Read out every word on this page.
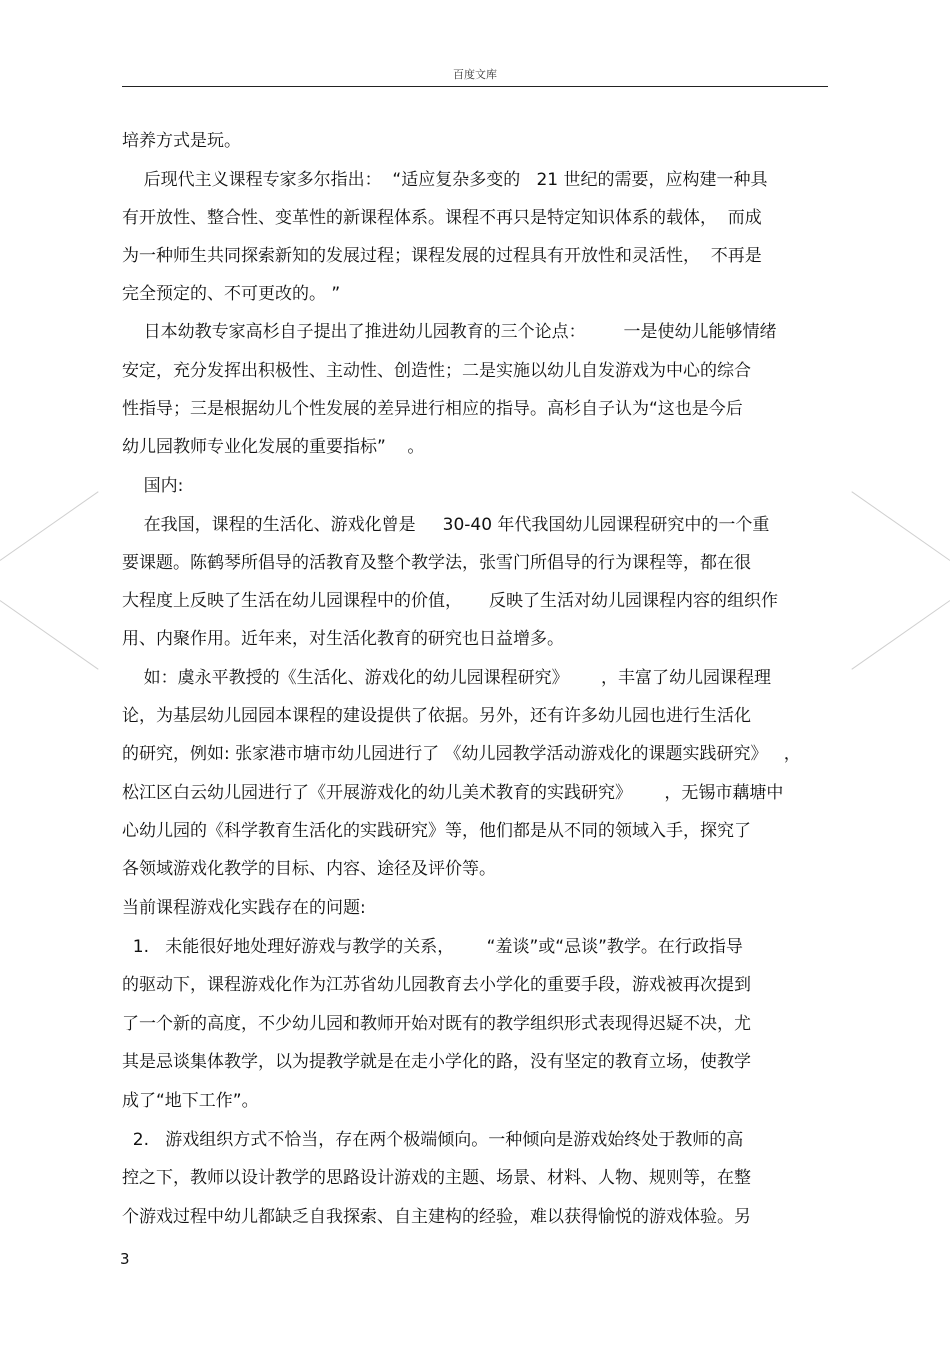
百度文库
培养方式是玩。
后现代主义课程专家多尔指出：  “适应复杂多变的   21 世纪的需要，应构建一种具
有开放性、整合性、变革性的新课程体系。课程不再只是特定知识体系的载体，  而成
为一种师生共同探索新知的发展过程；课程发展的过程具有开放性和灵活性，  不再是
完全预定的、不可更改的。 ”
日本幼教专家高杉自子提出了推进幼儿园教育的三个论点：       一是使幼儿能够情绪
安定，充分发挥出积极性、主动性、创造性；二是实施以幼儿自发游戏为中心的综合
性指导；三是根据幼儿个性发展的差异进行相应的指导。高杉自子认为“这也是今后
幼儿园教师专业化发展的重要指标”    。
国内:
在我国，课程的生活化、游戏化曾是     30-40 年代我国幼儿园课程研究中的一个重
要课题。陈鹤琴所倡导的活教育及整个教学法，张雪门所倡导的行为课程等，都在很
大程度上反映了生活在幼儿园课程中的价值，     反映了生活对幼儿园课程内容的组织作
用、内聚作用。近年来，对生活化教育的研究也日益增多。
如：虞永平教授的《生活化、游戏化的幼儿园课程研究》      ，丰富了幼儿园课程理
论，为基层幼儿园园本课程的建设提供了依据。另外，还有许多幼儿园也进行生活化
的研究，例如: 张家港市塘市幼儿园进行了 《幼儿园教学活动游戏化的课题实践研究》   ，
松江区白云幼儿园进行了《开展游戏化的幼儿美术教育的实践研究》      ，无锡市藕塘中
心幼儿园的《科学教育生活化的实践研究》等，他们都是从不同的领域入手，探究了
各领域游戏化教学的目标、内容、途径及评价等。
当前课程游戏化实践存在的问题:
1.   未能很好地处理好游戏与教学的关系，      “羞谈”或“忌谈”教学。在行政指导
的驱动下，课程游戏化作为江苏省幼儿园教育去小学化的重要手段，游戏被再次提到
了一个新的高度，不少幼儿园和教师开始对既有的教学组织形式表现得迟疑不决，尤
其是忌谈集体教学，以为提教学就是在走小学化的路，没有坚定的教育立场，使教学
成了“地下工作”。
2.   游戏组织方式不恰当，存在两个极端倾向。一种倾向是游戏始终处于教师的高
控之下，教师以设计教学的思路设计游戏的主题、场景、材料、人物、规则等，在整
个游戏过程中幼儿都缺乏自我探索、自主建构的经验，难以获得愉悦的游戏体验。另
3
